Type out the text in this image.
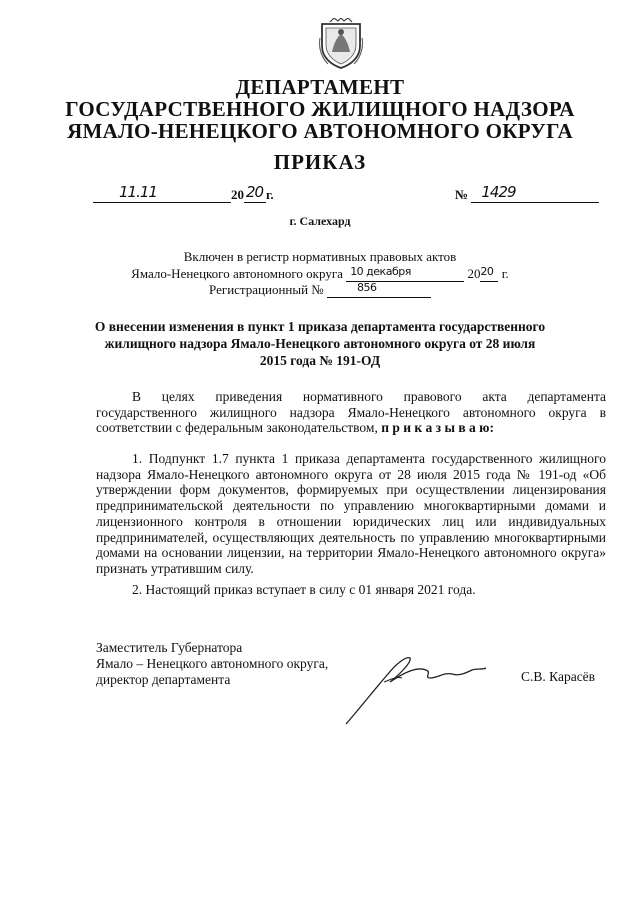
ДЕПАРТАМЕНТ
ГОСУДАРСТВЕННОГО ЖИЛИЩНОГО НАДЗОРА
ЯМАЛО-НЕНЕЦКОГО АВТОНОМНОГО ОКРУГА
ПРИКАЗ
11.11	20 20 г.	№ 1429
г. Салехард
Включен в регистр нормативных правовых актов
Ямало-Ненецкого автономного округа 10 декабря	20 20 г.
Регистрационный №	856
О внесении изменения в пункт 1 приказа департамента государственного жилищного надзора Ямало-Ненецкого автономного округа от 28 июля 2015 года № 191-ОД
В целях приведения нормативного правового акта департамента государственного жилищного надзора Ямало-Ненецкого автономного округа в соответствии с федеральным законодательством, п р и к а з ы в а ю:
1. Подпункт 1.7 пункта 1 приказа департамента государственного жилищного надзора Ямало-Ненецкого автономного округа от 28 июля 2015 года № 191-од «Об утверждении форм документов, формируемых при осуществлении лицензирования предпринимательской деятельности по управлению многоквартирными домами и лицензионного контроля в отношении юридических лиц или индивидуальных предпринимателей, осуществляющих деятельность по управлению многоквартирными домами на основании лицензии, на территории Ямало-Ненецкого автономного округа» признать утратившим силу.
2. Настоящий приказ вступает в силу с 01 января 2021 года.
Заместитель Губернатора
Ямало – Ненецкого автономного округа,
директор департамента	С.В. Карасёв
